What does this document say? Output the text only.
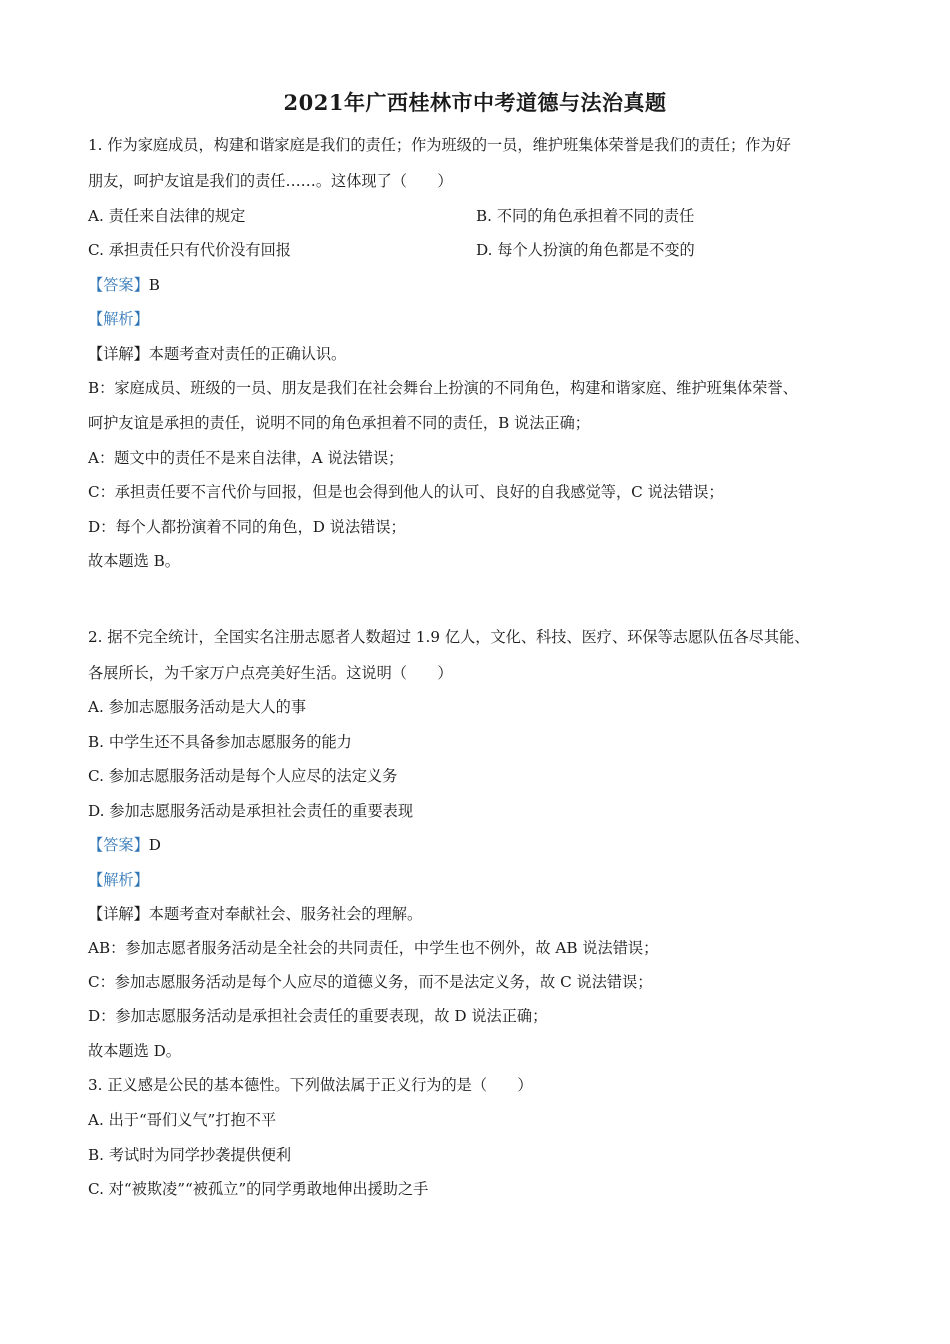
2021年广西桂林市中考道德与法治真题
1. 作为家庭成员，构建和谐家庭是我们的责任；作为班级的一员，维护班集体荣誉是我们的责任；作为好
朋友，呵护友谊是我们的责任……。这体现了（　　）
A. 责任来自法律的规定	B. 不同的角色承担着不同的责任
C. 承担责任只有代价没有回报	D. 每个人扮演的角色都是不变的
【答案】B
【解析】
【详解】本题考查对责任的正确认识。
B：家庭成员、班级的一员、朋友是我们在社会舞台上扮演的不同角色，构建和谐家庭、维护班集体荣誉、
呵护友谊是承担的责任，说明不同的角色承担着不同的责任，B 说法正确；
A：题文中的责任不是来自法律，A 说法错误；
C：承担责任要不言代价与回报，但是也会得到他人的认可、良好的自我感觉等，C 说法错误；
D：每个人都扮演着不同的角色，D 说法错误；
故本题选 B。
2. 据不完全统计，全国实名注册志愿者人数超过 1.9 亿人，文化、科技、医疗、环保等志愿队伍各尽其能、
各展所长，为千家万户点亮美好生活。这说明（　　）
A. 参加志愿服务活动是大人的事
B. 中学生还不具备参加志愿服务的能力
C. 参加志愿服务活动是每个人应尽的法定义务
D. 参加志愿服务活动是承担社会责任的重要表现
【答案】D
【解析】
【详解】本题考查对奉献社会、服务社会的理解。
AB：参加志愿者服务活动是全社会的共同责任，中学生也不例外，故 AB 说法错误；
C：参加志愿服务活动是每个人应尽的道德义务，而不是法定义务，故 C 说法错误；
D：参加志愿服务活动是承担社会责任的重要表现，故 D 说法正确；
故本题选 D。
3. 正义感是公民的基本德性。下列做法属于正义行为的是（　　）
A. 出于“哥们义气”打抱不平
B. 考试时为同学抄袭提供便利
C. 对“被欺凌”“被孤立”的同学勇敢地伸出援助之手
